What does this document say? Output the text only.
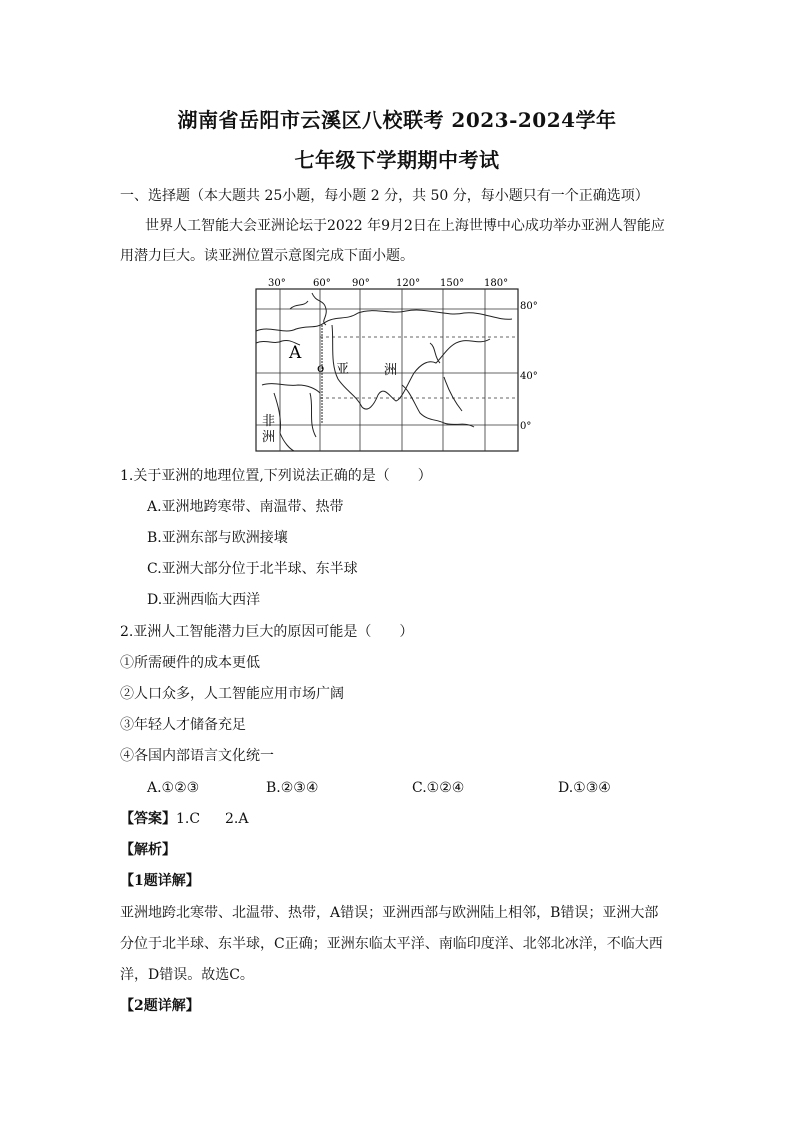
湖南省岳阳市云溪区八校联考 2023-2024学年
七年级下学期期中考试
一、选择题（本大题共 25小题，每小题 2 分，共 50 分，每小题只有一个正确选项）
世界人工智能大会亚洲论坛于2022 年9月2日在上海世博中心成功举办亚洲人智能应
用潜力巨大。读亚洲位置示意图完成下面小题。
30°	60° 90°	120° 150° 180°
80°
40°
0°
A
o 亚	洲
非
洲
1.关于亚洲的地理位置,下列说法正确的是（　　）
A.亚洲地跨寒带、南温带、热带
B.亚洲东部与欧洲接壤
C.亚洲大部分位于北半球、东半球
D.亚洲西临大西洋
2.亚洲人工智能潜力巨大的原因可能是（　　）
①所需硬件的成本更低
②人口众多，人工智能应用市场广阔
③年轻人才储备充足
④各国内部语言文化统一
A.①②③	B.②③④	C.①②④	D.①③④
【答案】 1.C 2.A
【解析】
【1题详解】
亚洲地跨北寒带、北温带、热带，A错误；亚洲西部与欧洲陆上相邻，B错误；亚洲大部
分位于北半球、东半球，C正确；亚洲东临太平洋、南临印度洋、北邻北冰洋，不临大西
洋，D错误。故选C。
【2题详解】
